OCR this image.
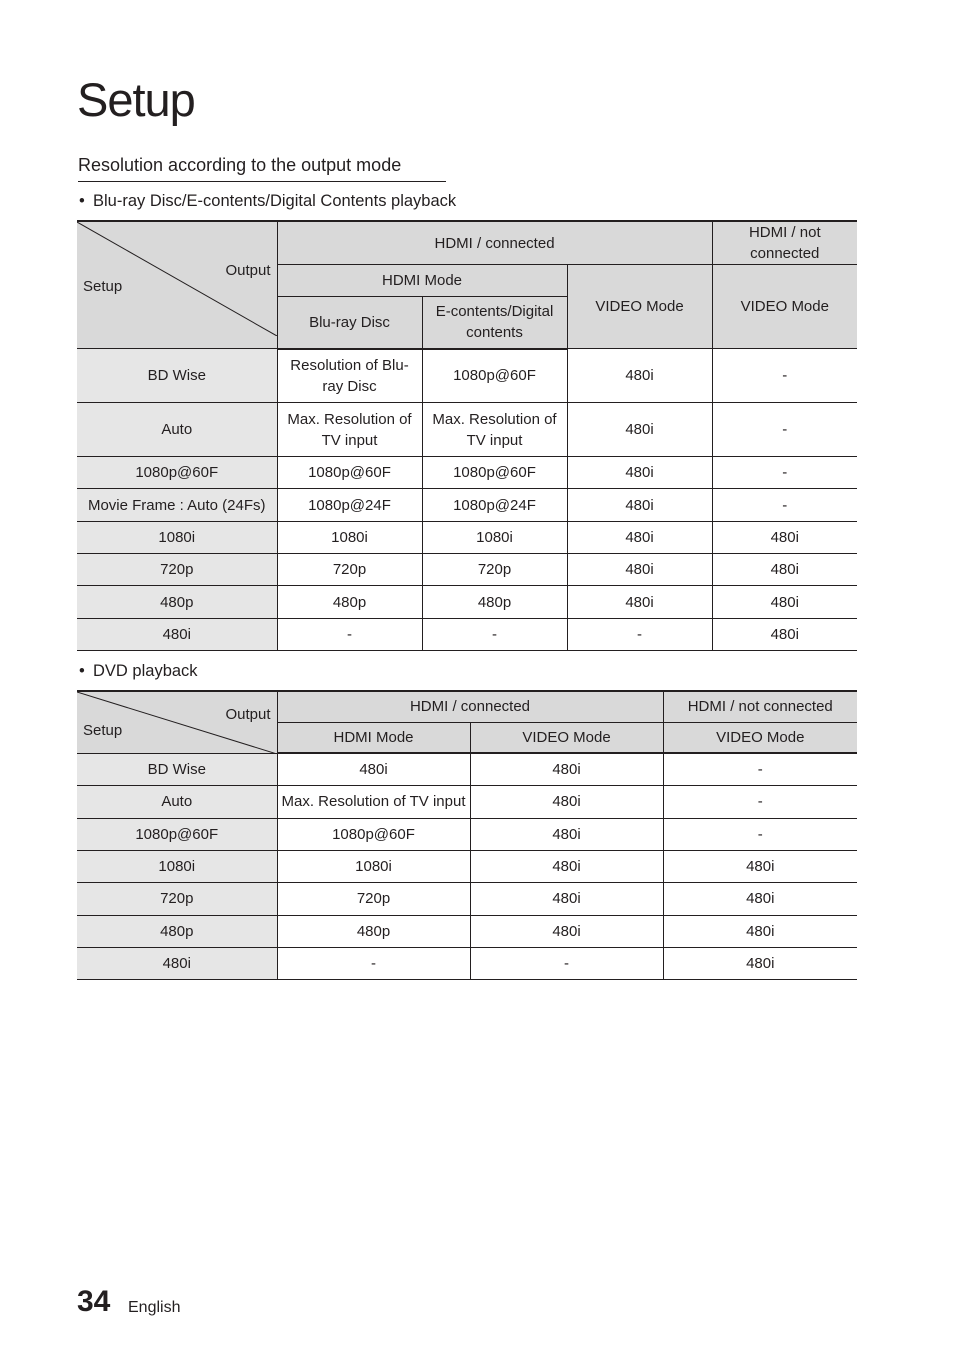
Setup
Resolution according to the output mode
• Blu-ray Disc/E-contents/Digital Contents playback
Output
Setup	HDMI / connected			HDMI / not connected
	HDMI Mode		VIDEO Mode	VIDEO Mode
	Blu-ray Disc	E-contents/Digital contents		
BD Wise	Resolution of Blu-ray Disc	1080p@60F	480i	-
Auto	Max. Resolution of TV input	Max. Resolution of TV input	480i	-
1080p@60F	1080p@60F	1080p@60F	480i	-
Movie Frame : Auto (24Fs)	1080p@24F	1080p@24F	480i	-
1080i	1080i	1080i	480i	480i
720p	720p	720p	480i	480i
480p	480p	480p	480i	480i
480i	-	-	-	480i
• DVD playback
Output
Setup	HDMI / connected		HDMI / not connected
	HDMI Mode	VIDEO Mode	VIDEO Mode
BD Wise	480i	480i	-
Auto	Max. Resolution of TV input	480i	-
1080p@60F	1080p@60F	480i	-
1080i	1080i	480i	480i
720p	720p	480i	480i
480p	480p	480i	480i
480i	-	-	480i
34 English
